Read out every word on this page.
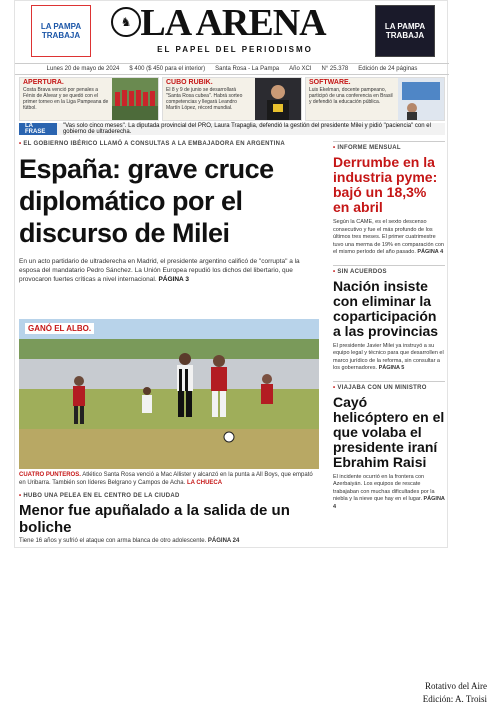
LA PAMPA TRABAJA
♞ LA ARENA
EL PAPEL DEL PERIODISMO
LA PAMPA TRABAJA
Lunes 20 de mayo de 2024 $ 400 ($ 450 para el interior) Santa Rosa - La Pampa Año XCI N° 25.378 Edición de 24 páginas
APERTURA.
Costa Brava venció por penales a Fénix de Alvear y se quedó con el primer torneo en la Liga Pampeana de fútbol.
CUBO RUBIK.
El 8 y 9 de junio se desarrollará "Santa Rosa cubea". Habrá sorteo competencias y llegará Leandro Martín López, récord mundial.
SOFTWARE.
Luis Ekelman, docente pampeano, participó de una conferencia en Brasil y defendió la educación pública.
LA FRASE
"Vas solo cinco meses". La diputada provincial del PRO, Laura Trapaglia, defendió la gestión del presidente Milei y pidió "paciencia" con el gobierno de ultraderecha.
• EL GOBIERNO IBÉRICO LLAMÓ A CONSULTAS A LA EMBAJADORA EN ARGENTINA
España: grave cruce diplomático por el discurso de Milei

En un acto partidario de ultraderecha en Madrid, el presidente argentino calificó de "corrupta" a la esposa del mandatario Pedro Sánchez. La Unión Europea repudió los dichos del libertario, que provocaron fuertes críticas a nivel internacional. PÁGINA 3

GANÓ EL ALBO.
CUATRO PUNTEROS. Atlético Santa Rosa venció a Mac Allister y alcanzó en la punta a All Boys, que empató en Uribarra. También son líderes Belgrano y Campos de Acha. LA CHUECA
• HUBO UNA PELEA EN EL CENTRO DE LA CIUDAD
Menor fue apuñalado a la salida de un boliche

Tiene 16 años y sufrió el ataque con arma blanca de otro adolescente. PÁGINA 24

• INFORME MENSUAL
Derrumbe en la industria pyme: bajó un 18,3% en abril

Según la CAME, es el sexto descenso consecutivo y fue el más profundo de los últimos tres meses. El primer cuatrimestre tuvo una merma de 19% en comparación con el mismo período del año pasado. PÁGINA 4

• SIN ACUERDOS
Nación insiste con eliminar la coparticipación a las provincias

El presidente Javier Milei ya instruyó a su equipo legal y técnico para que desarrollen el marco jurídico de la reforma, sin consultar a los gobernadores. PÁGINA 5

• VIAJABA CON UN MINISTRO
Cayó helicóptero en el que volaba el presidente iraní Ebrahim Raisi

El incidente ocurrió en la frontera con Azerbaiyán. Los equipos de rescate trabajaban con muchas dificultades por la niebla y la nieve que hay en el lugar. PÁGINA 4

Rotativo del Aire
Edición: A. Troisi
